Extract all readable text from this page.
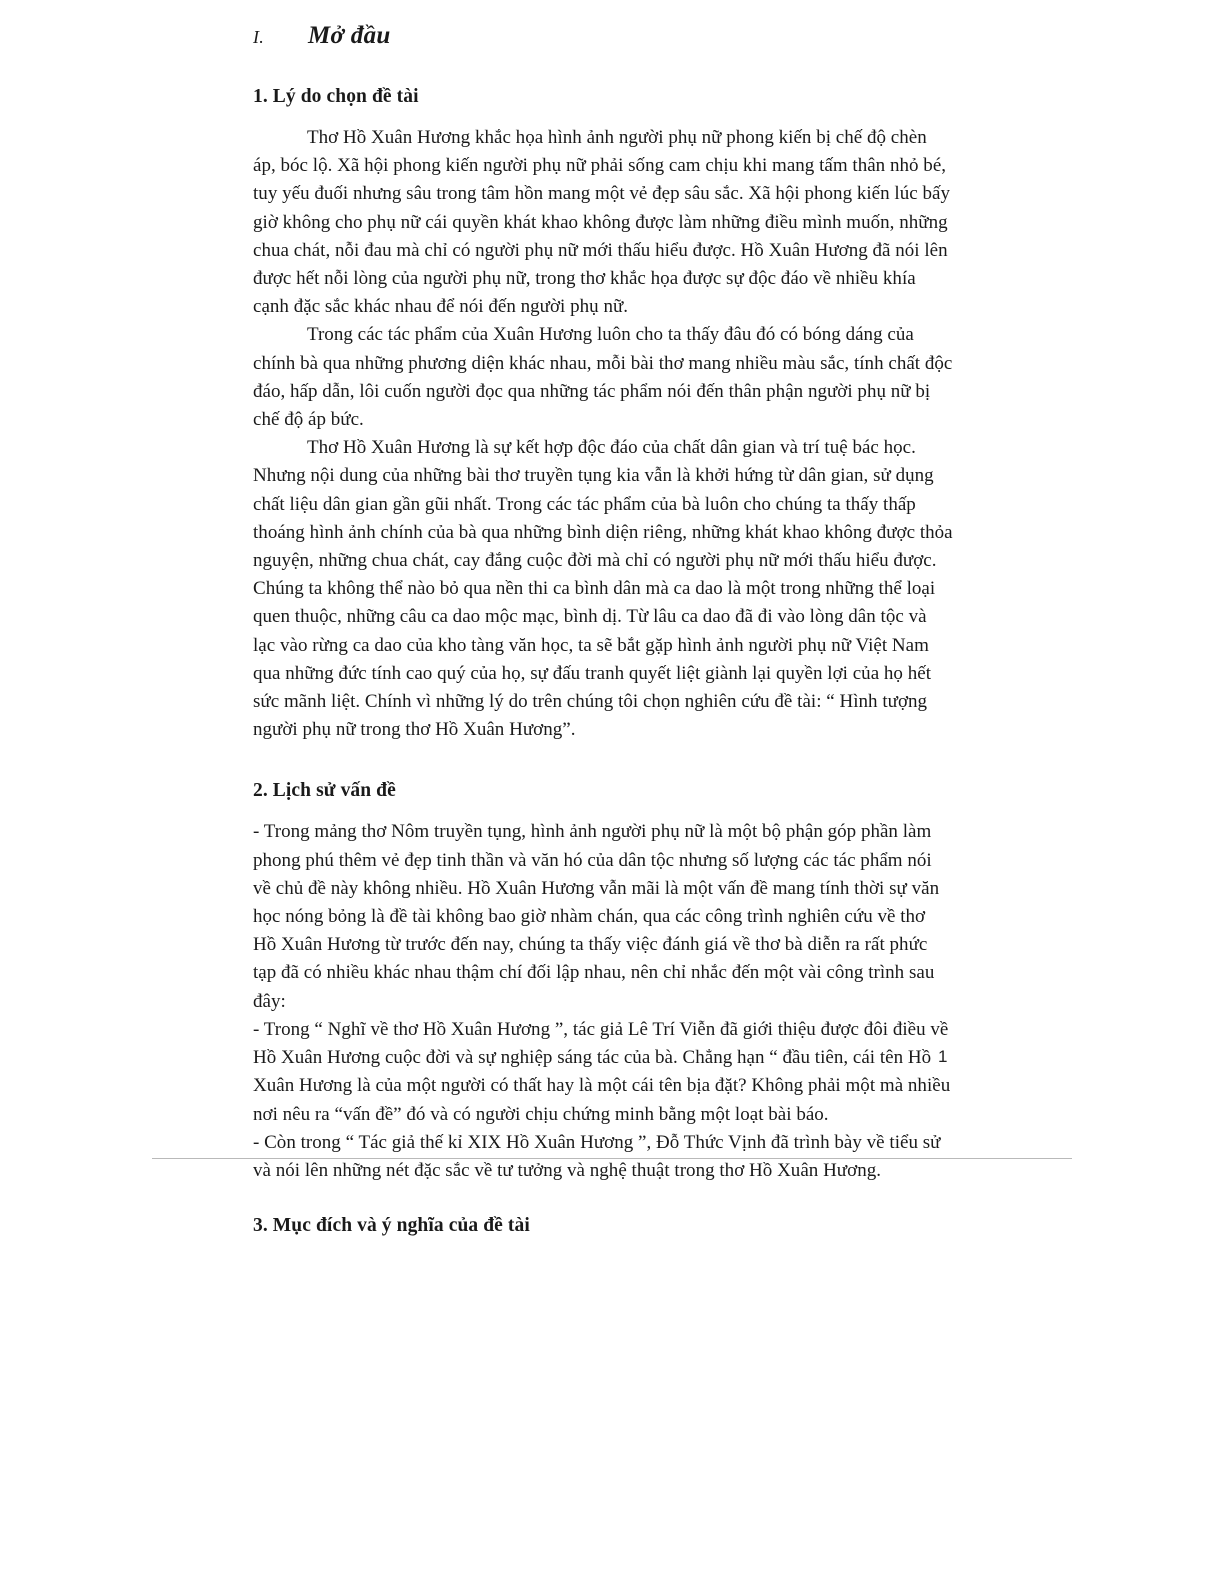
I. Mở đầu
1. Lý do chọn đề tài

Thơ Hồ Xuân Hương khắc họa hình ảnh người phụ nữ phong kiến bị chế độ chèn áp, bóc lộ. Xã hội phong kiến người phụ nữ phải sống cam chịu khi mang tấm thân nhỏ bé, tuy yếu đuối nhưng sâu trong tâm hồn mang một vẻ đẹp sâu sắc. Xã hội phong kiến lúc bấy giờ không cho phụ nữ cái quyền khát khao không được làm những điều mình muốn, những chua chát, nỗi đau mà chỉ có người phụ nữ mới thấu hiểu được. Hồ Xuân Hương đã nói lên được hết nỗi lòng của người phụ nữ, trong thơ khắc họa được sự độc đáo về nhiều khía cạnh đặc sắc khác nhau để nói đến người phụ nữ.

Trong các tác phẩm của Xuân Hương luôn cho ta thấy đâu đó có bóng dáng của chính bà qua những phương diện khác nhau, mỗi bài thơ mang nhiều màu sắc, tính chất độc đáo, hấp dẫn, lôi cuốn người đọc qua những tác phẩm nói đến thân phận người phụ nữ bị chế độ áp bức.

Thơ Hồ Xuân Hương là sự kết hợp độc đáo của chất dân gian và trí tuệ bác học. Nhưng nội dung của những bài thơ truyền tụng kia vẫn là khởi hứng từ dân gian, sử dụng chất liệu dân gian gần gũi nhất. Trong các tác phẩm của bà luôn cho chúng ta thấy thấp thoáng hình ảnh chính của bà qua những bình diện riêng, những khát khao không được thỏa nguyện, những chua chát, cay đắng cuộc đời mà chỉ có người phụ nữ mới thấu hiểu được. Chúng ta không thể nào bỏ qua nền thi ca bình dân mà ca dao là một trong những thể loại quen thuộc, những câu ca dao mộc mạc, bình dị. Từ lâu ca dao đã đi vào lòng dân tộc và lạc vào rừng ca dao của kho tàng văn học, ta sẽ bắt gặp hình ảnh người phụ nữ Việt Nam qua những đức tính cao quý của họ, sự đấu tranh quyết liệt giành lại quyền lợi của họ hết sức mãnh liệt. Chính vì những lý do trên chúng tôi chọn nghiên cứu đề tài: “ Hình tượng người phụ nữ trong thơ Hồ Xuân Hương”.

2. Lịch sử vấn đề

- Trong mảng thơ Nôm truyền tụng, hình ảnh người phụ nữ là một bộ phận góp phần làm phong phú thêm vẻ đẹp tinh thần và văn hó của dân tộc nhưng số lượng các tác phẩm nói về chủ đề này không nhiều. Hồ Xuân Hương vẫn mãi là một vấn đề mang tính thời sự văn học nóng bỏng là đề tài không bao giờ nhàm chán, qua các công trình nghiên cứu về thơ Hồ Xuân Hương từ trước đến nay, chúng ta thấy việc đánh giá về thơ bà diễn ra rất phức tạp đã có nhiều khác nhau thậm chí đối lập nhau, nên chỉ nhắc đến một vài công trình sau đây:

- Trong “ Nghĩ về thơ Hồ Xuân Hương ”, tác giả Lê Trí Viễn đã giới thiệu được đôi điều về Hồ Xuân Hương cuộc đời và sự nghiệp sáng tác của bà. Chẳng hạn “ đầu tiên, cái tên Hồ Xuân Hương là của một người có thất hay là một cái tên bịa đặt? Không phải một mà nhiều nơi nêu ra “vấn đề” đó và có người chịu chứng minh bằng một loạt bài báo.

- Còn trong “ Tác giả thế kỉ XIX Hồ Xuân Hương ”, Đỗ Thức Vịnh đã trình bày về tiểu sử và nói lên những nét đặc sắc về tư tưởng và nghệ thuật trong thơ Hồ Xuân Hương.

3. Mục đích và ý nghĩa của đề tài
1
